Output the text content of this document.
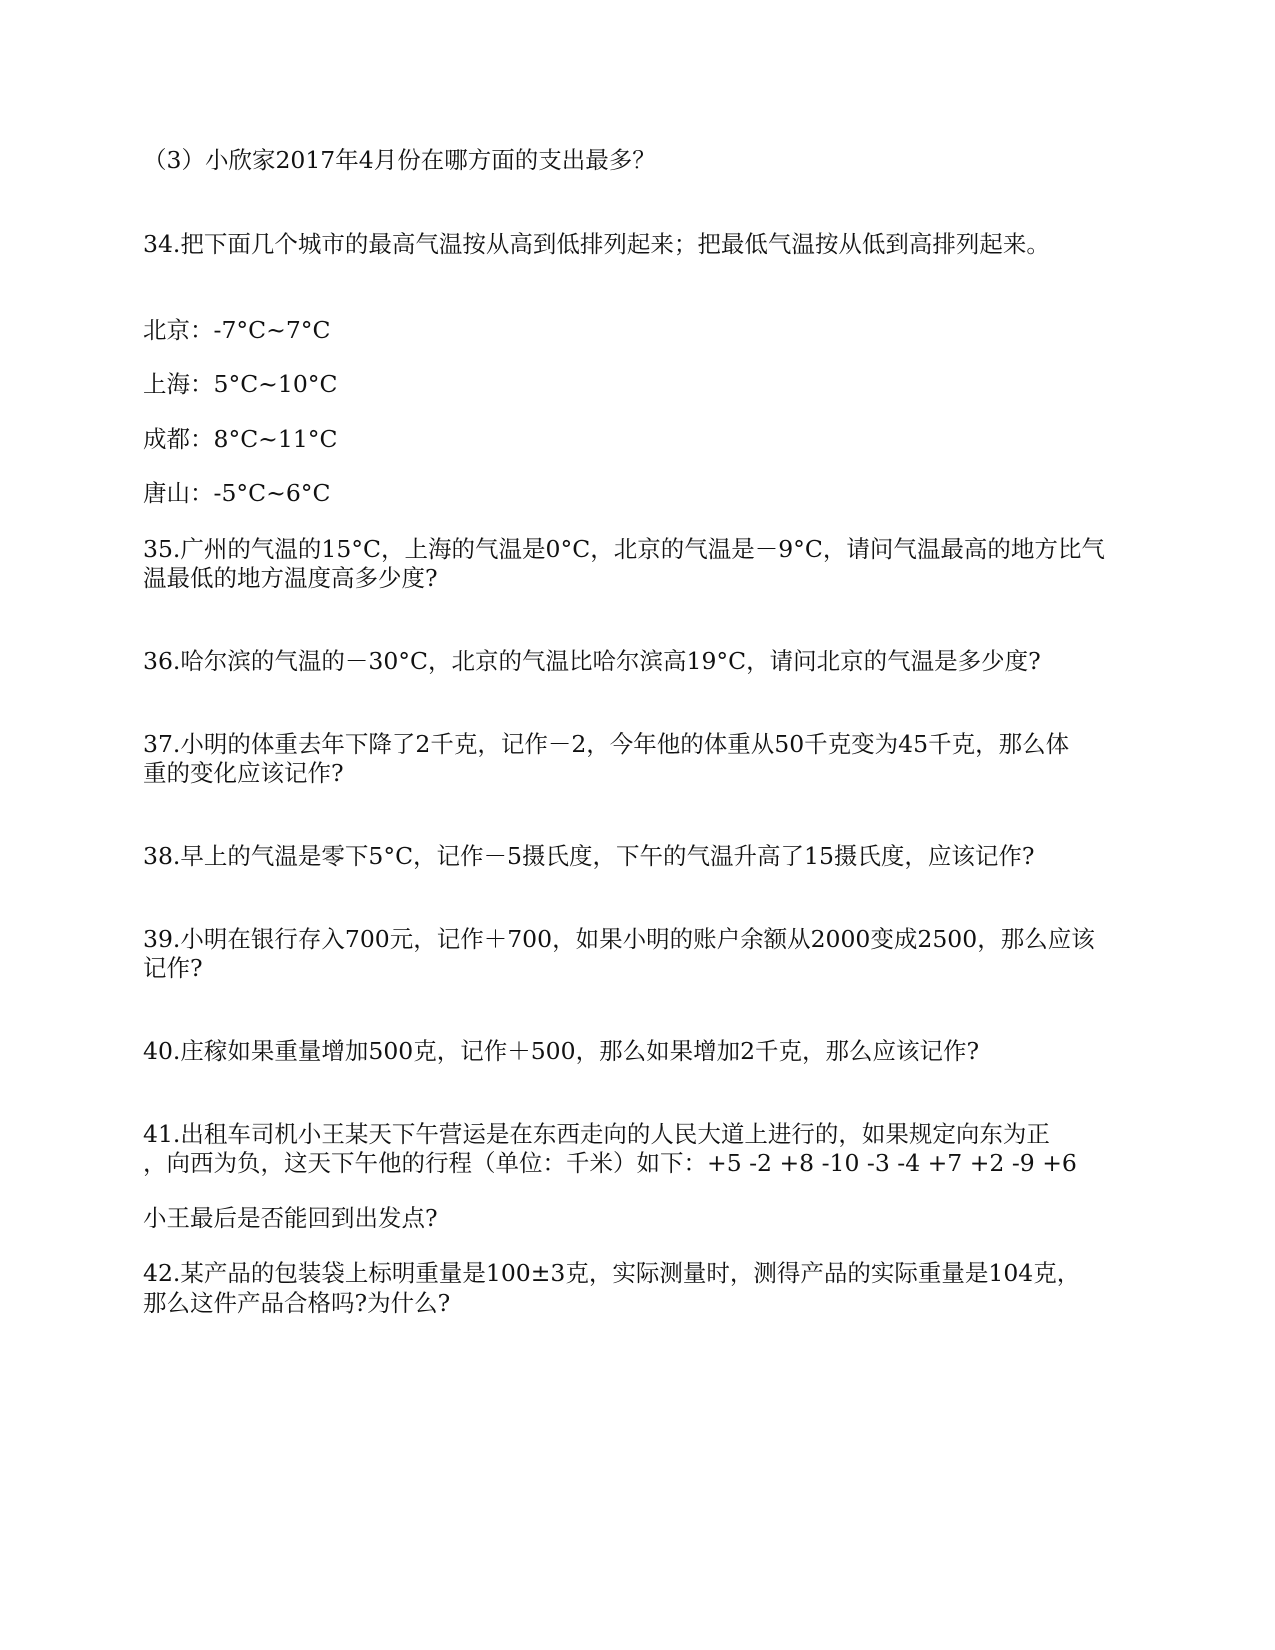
（3）小欣家2017年4月份在哪方面的支出最多？
34.把下面几个城市的最高气温按从高到低排列起来；把最低气温按从低到高排列起来。
北京：-7°C~7°C
上海：5°C~10°C
成都：8°C~11°C
唐山：-5°C~6°C
35.广州的气温的15°C，上海的气温是0°C，北京的气温是－9°C，请问气温最高的地方比气
温最低的地方温度高多少度?
36.哈尔滨的气温的－30°C，北京的气温比哈尔滨高19°C，请问北京的气温是多少度?
37.小明的体重去年下降了2千克，记作－2，今年他的体重从50千克变为45千克，那么体
重的变化应该记作?
38.早上的气温是零下5°C，记作－5摄氏度，下午的气温升高了15摄氏度，应该记作?
39.小明在银行存入700元，记作＋700，如果小明的账户余额从2000变成2500，那么应该
记作?
40.庄稼如果重量增加500克，记作＋500，那么如果增加2千克，那么应该记作?
41.出租车司机小王某天下午营运是在东西走向的人民大道上进行的，如果规定向东为正
，向西为负，这天下午他的行程（单位：千米）如下：+5 -2 +8 -10 -3 -4 +7 +2 -9 +6
小王最后是否能回到出发点?
42.某产品的包装袋上标明重量是100±3克，实际测量时，测得产品的实际重量是104克，
那么这件产品合格吗?为什么?
